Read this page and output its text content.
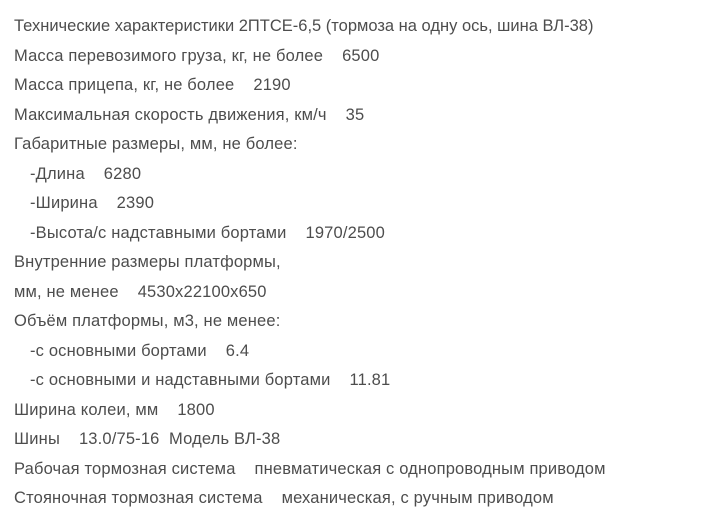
Технические характеристики 2ПТСЕ-6,5 (тормоза на одну ось, шина ВЛ-38)
Масса перевозимого груза, кг, не более    6500
Масса прицепа, кг, не более    2190
Максимальная скорость движения, км/ч    35
Габаритные размеры, мм, не более:
-Длина    6280
-Ширина    2390
-Высота/с надставными бортами    1970/2500
Внутренние размеры платформы,
мм, не менее    4530x22100x650
Объём платформы, м3, не менее:
-с основными бортами    6.4
-с основными и надставными бортами    11.81
Ширина колеи, мм    1800
Шины    13.0/75-16  Модель ВЛ-38
Рабочая тормозная система    пневматическая с однопроводным приводом
Стояночная тормозная система    механическая, с ручным приводом
